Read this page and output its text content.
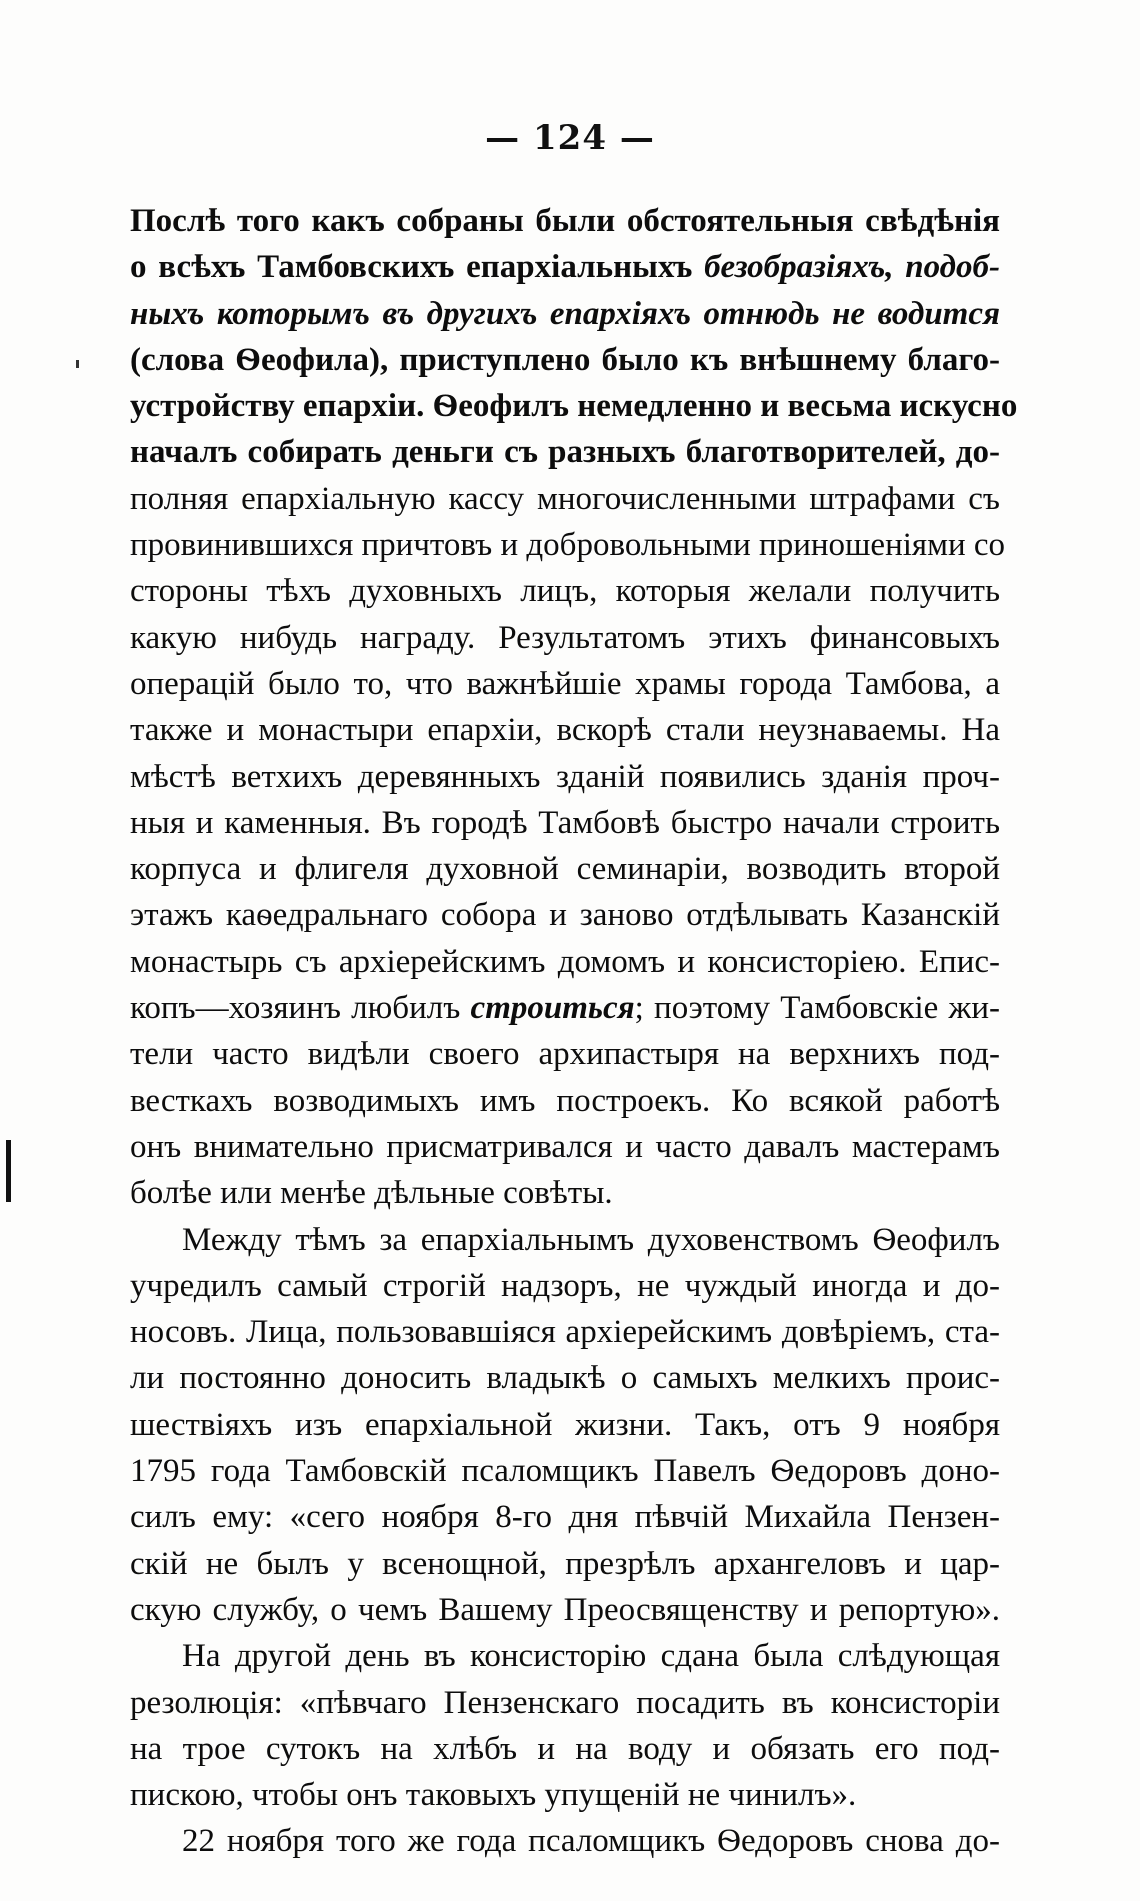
— 124 —
Послѣ того какъ собраны были обстоятельныя свѣдѣнія
о всѣхъ Тамбовскихъ епархіальныхъ безобразіяхъ, подоб-
ныхъ которымъ въ другихъ епархіяхъ отнюдь не водится
(слова Ѳеофила), приступлено было къ внѣшнему благо-
устройству епархіи. Ѳеофилъ немедленно и весьма искусно
началъ собирать деньги съ разныхъ благотворителей, до-
полняя епархіальную кассу многочисленными штрафами съ
провинившихся причтовъ и добровольными приношеніями со
стороны тѣхъ духовныхъ лицъ, которыя желали получить
какую нибудь награду. Результатомъ этихъ финансовыхъ
операцій было то, что важнѣйшіе храмы города Тамбова, а
также и монастыри епархіи, вскорѣ стали неузнаваемы. На
мѣстѣ ветхихъ деревянныхъ зданій появились зданія проч-
ныя и каменныя. Въ городѣ Тамбовѣ быстро начали строить
корпуса и флигеля духовной семинаріи, возводить второй
этажъ каѳедральнаго собора и заново отдѣлывать Казанскій
монастырь съ архіерейскимъ домомъ и консисторіею. Епис-
копъ—хозяинъ любилъ строиться; поэтому Тамбовскіе жи-
тели часто видѣли своего архипастыря на верхнихъ под-
весткахъ возводимыхъ имъ построекъ. Ко всякой работѣ
онъ внимательно присматривался и часто давалъ мастерамъ
болѣе или менѣе дѣльные совѣты.
Между тѣмъ за епархіальнымъ духовенствомъ Ѳеофилъ
учредилъ самый строгій надзоръ, не чуждый иногда и до-
носовъ. Лица, пользовавшіяся архіерейскимъ довѣріемъ, ста-
ли постоянно доносить владыкѣ о самыхъ мелкихъ проис-
шествіяхъ изъ епархіальной жизни. Такъ, отъ 9 ноября
1795 года Тамбовскій псаломщикъ Павелъ Ѳедоровъ доно-
силъ ему: «сего ноября 8-го дня пѣвчій Михайла Пензен-
скій не былъ у всенощной, презрѣлъ архангеловъ и цар-
скую службу, о чемъ Вашему Преосвященству и репортую».
На другой день въ консисторію сдана была слѣдующая
резолюція: «пѣвчаго Пензенскаго посадить въ консисторіи
на трое сутокъ на хлѣбъ и на воду и обязать его под-
пискою, чтобы онъ таковыхъ упущеній не чинилъ».
22 ноября того же года псаломщикъ Ѳедоровъ снова до-
